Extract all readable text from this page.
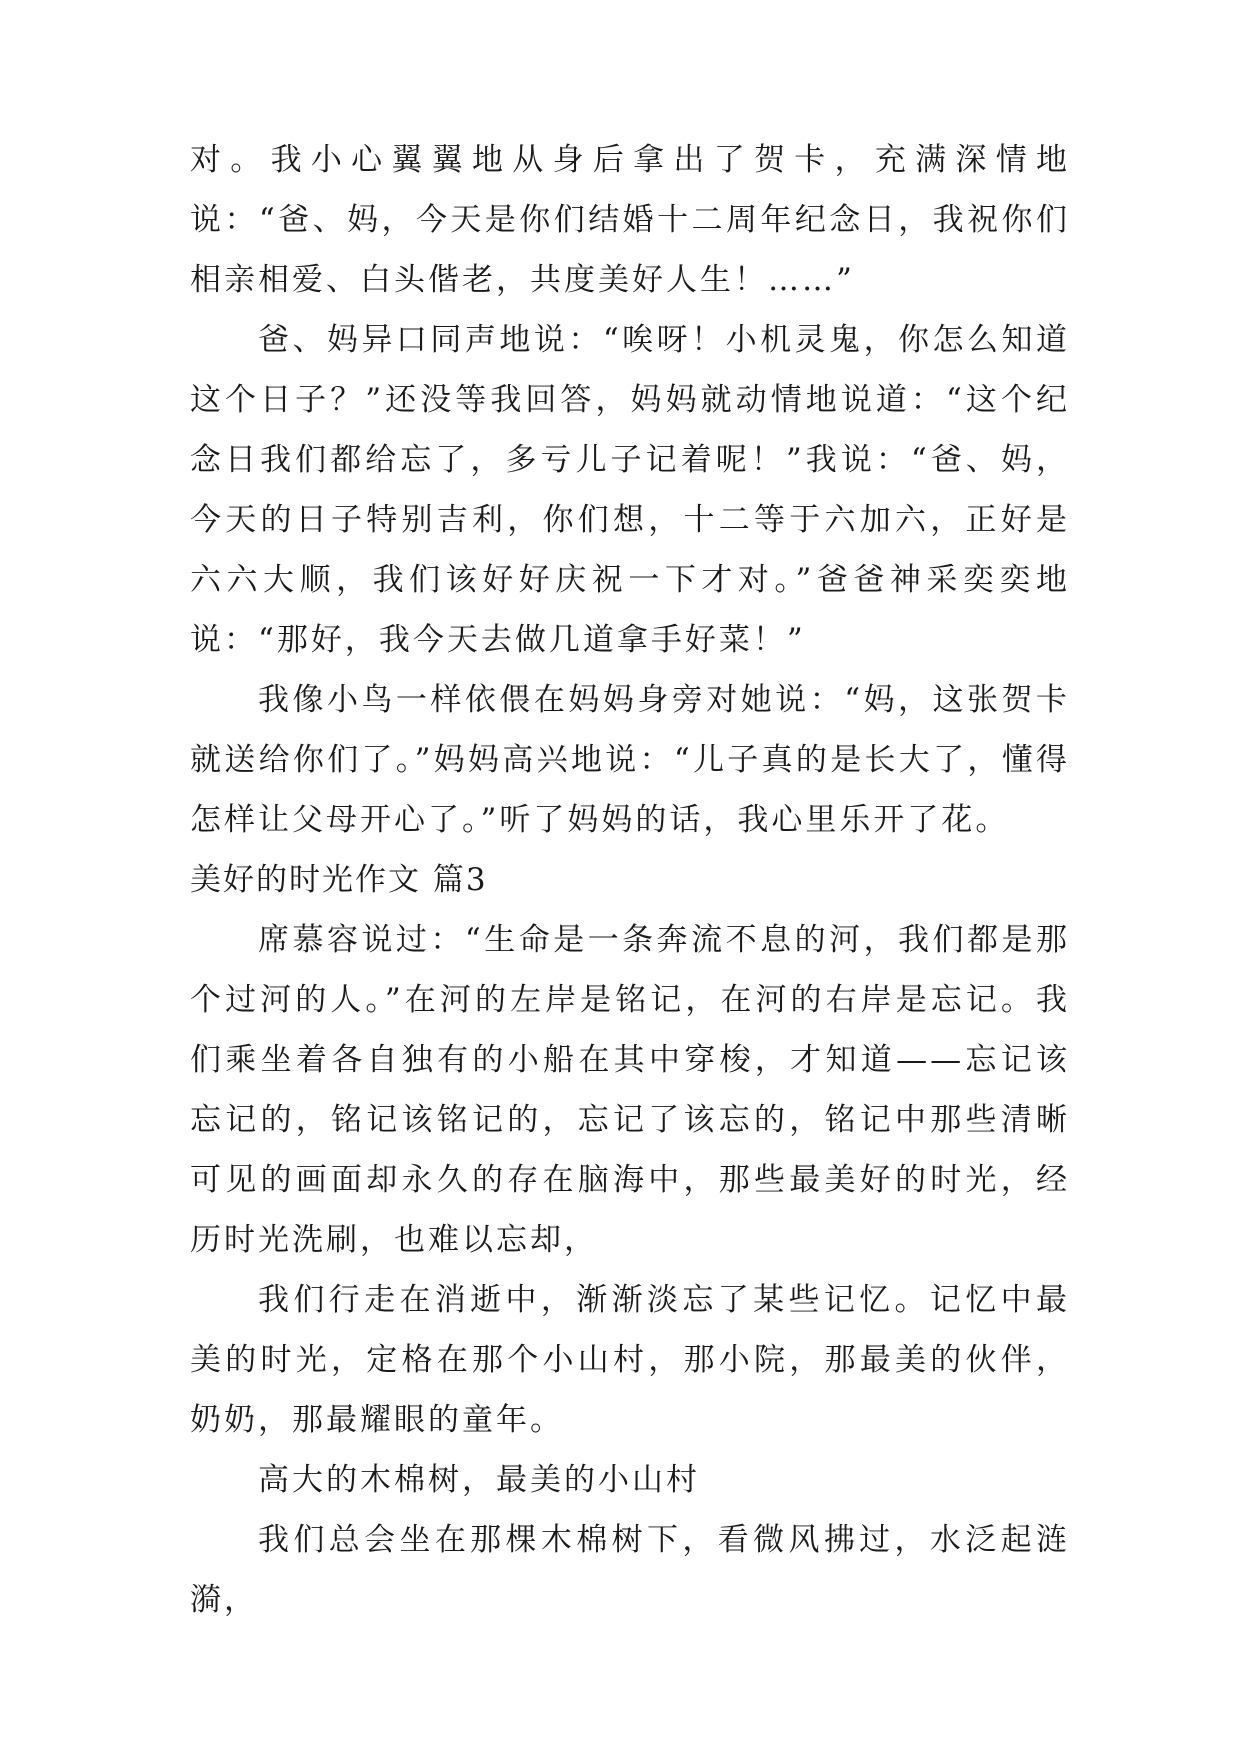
对。我小心翼翼地从身后拿出了贺卡，充满深情地说：“爸、妈，今天是你们结婚十二周年纪念日，我祝你们相亲相爱、白头偕老，共度美好人生！……”

爸、妈异口同声地说：“唉呀！小机灵鬼，你怎么知道这个日子？”还没等我回答，妈妈就动情地说道：“这个纪念日我们都给忘了，多亏儿子记着呢！”我说：“爸、妈，今天的日子特别吉利，你们想，十二等于六加六，正好是六六大顺，我们该好好庆祝一下才对。”爸爸神采奕奕地说：“那好，我今天去做几道拿手好菜！”

我像小鸟一样依偎在妈妈身旁对她说：“妈，这张贺卡就送给你们了。”妈妈高兴地说：“儿子真的是长大了，懂得怎样让父母开心了。”听了妈妈的话，我心里乐开了花。

美好的时光作文 篇3

席慕容说过：“生命是一条奔流不息的河，我们都是那个过河的人。”在河的左岸是铭记，在河的右岸是忘记。我们乘坐着各自独有的小船在其中穿梭，才知道——忘记该忘记的，铭记该铭记的，忘记了该忘的，铭记中那些清晰可见的画面却永久的存在脑海中，那些最美好的时光，经历时光洗刷，也难以忘却，

我们行走在消逝中，渐渐淡忘了某些记忆。记忆中最美的时光，定格在那个小山村，那小院，那最美的伙伴，奶奶，那最耀眼的童年。

高大的木棉树，最美的小山村

我们总会坐在那棵木棉树下，看微风拂过，水泛起涟漪，
